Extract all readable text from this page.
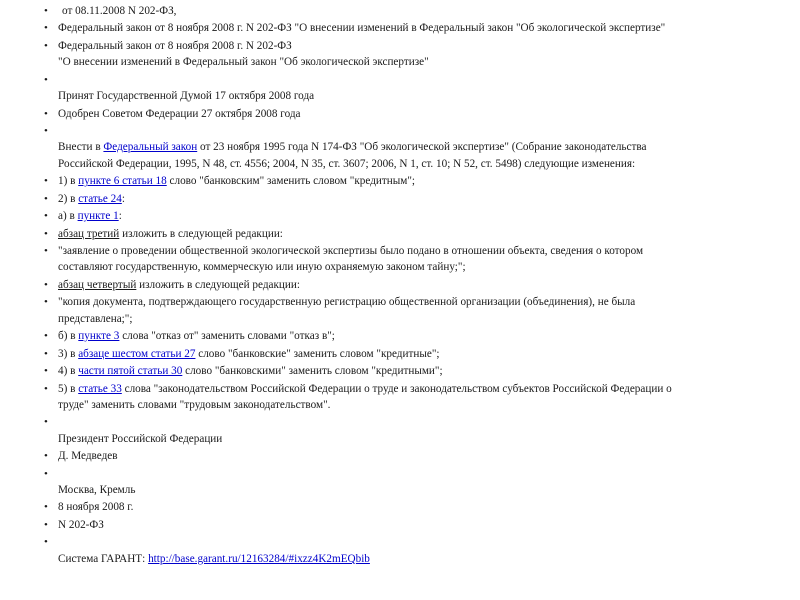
• от 08.11.2008 N 202-ФЗ,
• Федеральный закон от 8 ноября 2008 г. N 202-ФЗ "О внесении изменений в Федеральный закон "Об экологической экспертизе"
• Федеральный закон от 8 ноября 2008 г. N 202-ФЗ
"О внесении изменений в Федеральный закон "Об экологической экспертизе"
•
Принят Государственной Думой 17 октября 2008 года
• Одобрен Советом Федерации 27 октября 2008 года
•
Внести в Федеральный закон от 23 ноября 1995 года N 174-ФЗ "Об экологической экспертизе" (Собрание законодательства
Российской Федерации, 1995, N 48, ст. 4556; 2004, N 35, ст. 3607; 2006, N 1, ст. 10; N 52, ст. 5498) следующие изменения:
• 1) в пункте 6 статьи 18 слово "банковским" заменить словом "кредитным";
• 2) в статье 24:
• а) в пункте 1:
• абзац третий изложить в следующей редакции:
• "заявление о проведении общественной экологической экспертизы было подано в отношении объекта, сведения о котором
составляют государственную, коммерческую или иную охраняемую законом тайну;";
• абзац четвертый изложить в следующей редакции:
• "копия документа, подтверждающего государственную регистрацию общественной организации (объединения), не была
представлена;";
• б) в пункте 3 слова "отказ от" заменить словами "отказ в";
• 3) в абзаце шестом статьи 27 слово "банковские" заменить словом "кредитные";
• 4) в части пятой статьи 30 слово "банковскими" заменить словом "кредитными";
• 5) в статье 33 слова "законодательством Российской Федерации о труде и законодательством субъектов Российской Федерации о
труде" заменить словами "трудовым законодательством".
•
Президент Российской Федерации
• Д. Медведев
•
Москва, Кремль
• 8 ноября 2008 г.
• N 202-ФЗ
•
Система ГАРАНТ: http://base.garant.ru/12163284/#ixzz4K2mEQbib
